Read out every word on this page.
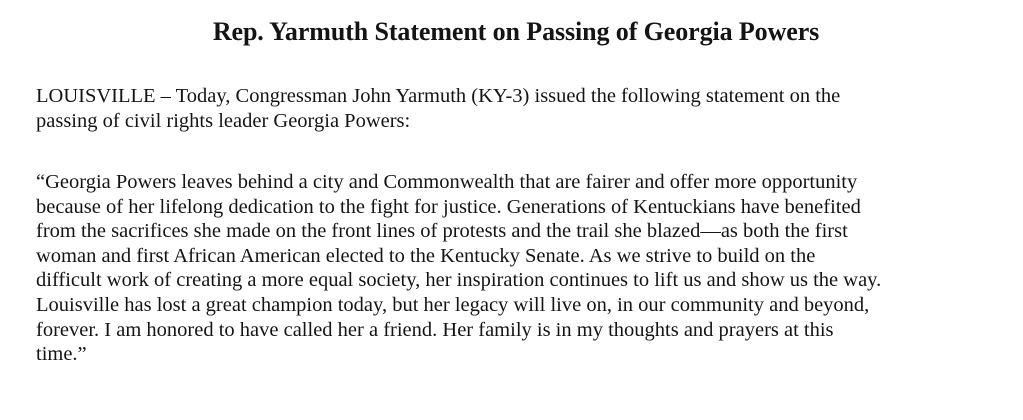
Rep. Yarmuth Statement on Passing of Georgia Powers

LOUISVILLE – Today, Congressman John Yarmuth (KY-3) issued the following statement on the
passing of civil rights leader Georgia Powers:

“Georgia Powers leaves behind a city and Commonwealth that are fairer and offer more opportunity
because of her lifelong dedication to the fight for justice. Generations of Kentuckians have benefited
from the sacrifices she made on the front lines of protests and the trail she blazed—as both the first
woman and first African American elected to the Kentucky Senate. As we strive to build on the
difficult work of creating a more equal society, her inspiration continues to lift us and show us the way.
Louisville has lost a great champion today, but her legacy will live on, in our community and beyond,
forever. I am honored to have called her a friend. Her family is in my thoughts and prayers at this
time.”
